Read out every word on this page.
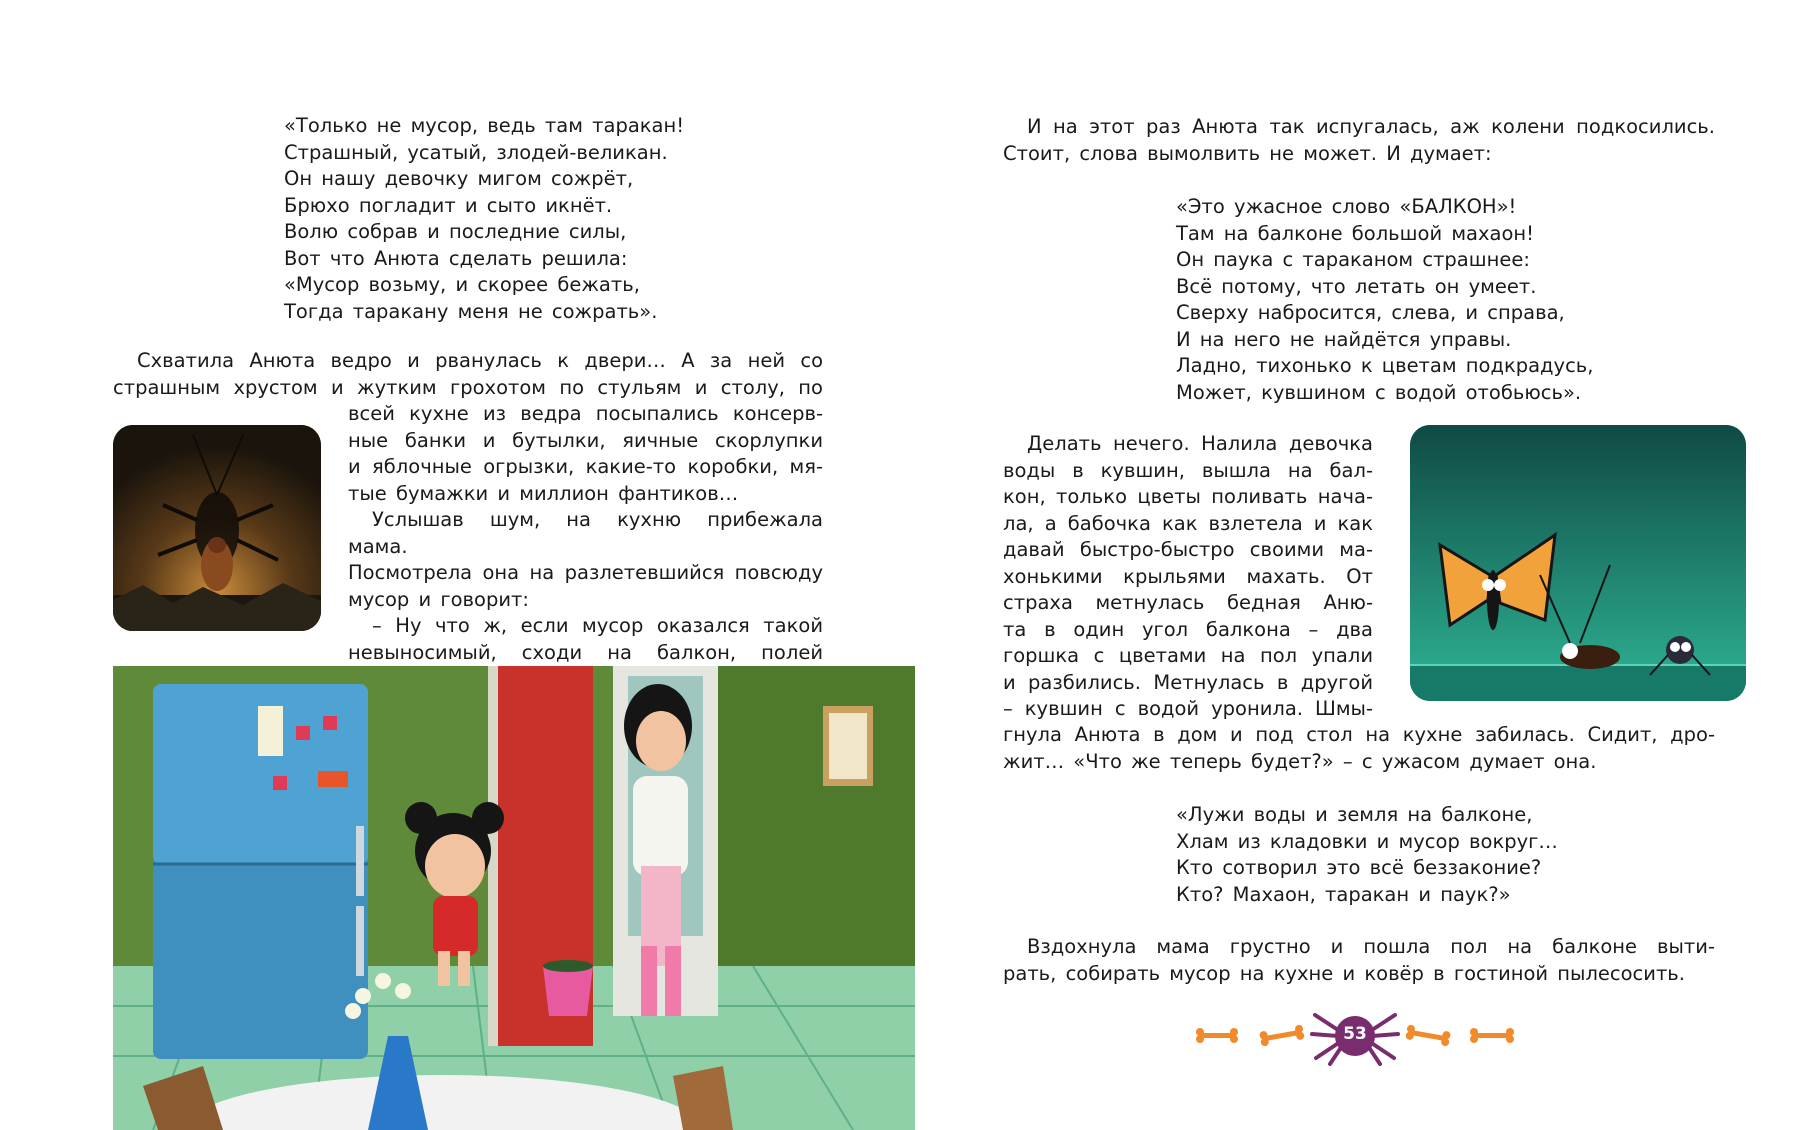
«Только не мусор, ведь там таракан!
Страшный, усатый, злодей-великан.
Он нашу девочку мигом сожрёт,
Брюхо погладит и сыто икнёт.
Волю собрав и последние силы,
Вот что Анюта сделать решила:
«Мусор возьму, и скорее бежать,
Тогда таракану меня не сожрать».
Схватила Анюта ведро и рванулась к двери… А за ней со
страшным хрустом и жутким грохотом по стульям и столу, по
всей кухне из ведра посыпались консерв-
ные банки и бутылки, яичные скорлупки
и яблочные огрызки, какие-то коробки, мя-
тые бумажки и миллион фантиков…
Услышав шум, на кухню прибежала мама.
Посмотрела она на разлетевшийся повсюду
мусор и говорит:
– Ну что ж, если мусор оказался такой
невыносимый, сходи на балкон, полей
И на этот раз Анюта так испугалась, аж колени подкосились.
Стоит, слова вымолвить не может. И думает:
«Это ужасное слово «БАЛКОН»!
Там на балконе большой махаон!
Он паука с тараканом страшнее:
Всё потому, что летать он умеет.
Сверху набросится, слева, и справа,
И на него не найдётся управы.
Ладно, тихонько к цветам подкрадусь,
Может, кувшином с водой отобьюсь».
Делать нечего. Налила девочка
воды в кувшин, вышла на бал-
кон, только цветы поливать нача-
ла, а бабочка как взлетела и как
давай быстро-быстро своими ма-
хонькими крыльями махать. От
страха метнулась бедная Аню-
та в один угол балкона – два
горшка с цветами на пол упали
и разбились. Метнулась в другой
– кувшин с водой уронила. Шмы-
гнула Анюта в дом и под стол на кухне забилась. Сидит, дро-
жит… «Что же теперь будет?» – с ужасом думает она.
«Лужи воды и земля на балконе,
Хлам из кладовки и мусор вокруг…
Кто сотворил это всё беззаконие?
Кто? Махаон, таракан и паук?»
Вздохнула мама грустно и пошла пол на балконе выти-
рать, собирать мусор на кухне и ковёр в гостиной пылесосить.
53
